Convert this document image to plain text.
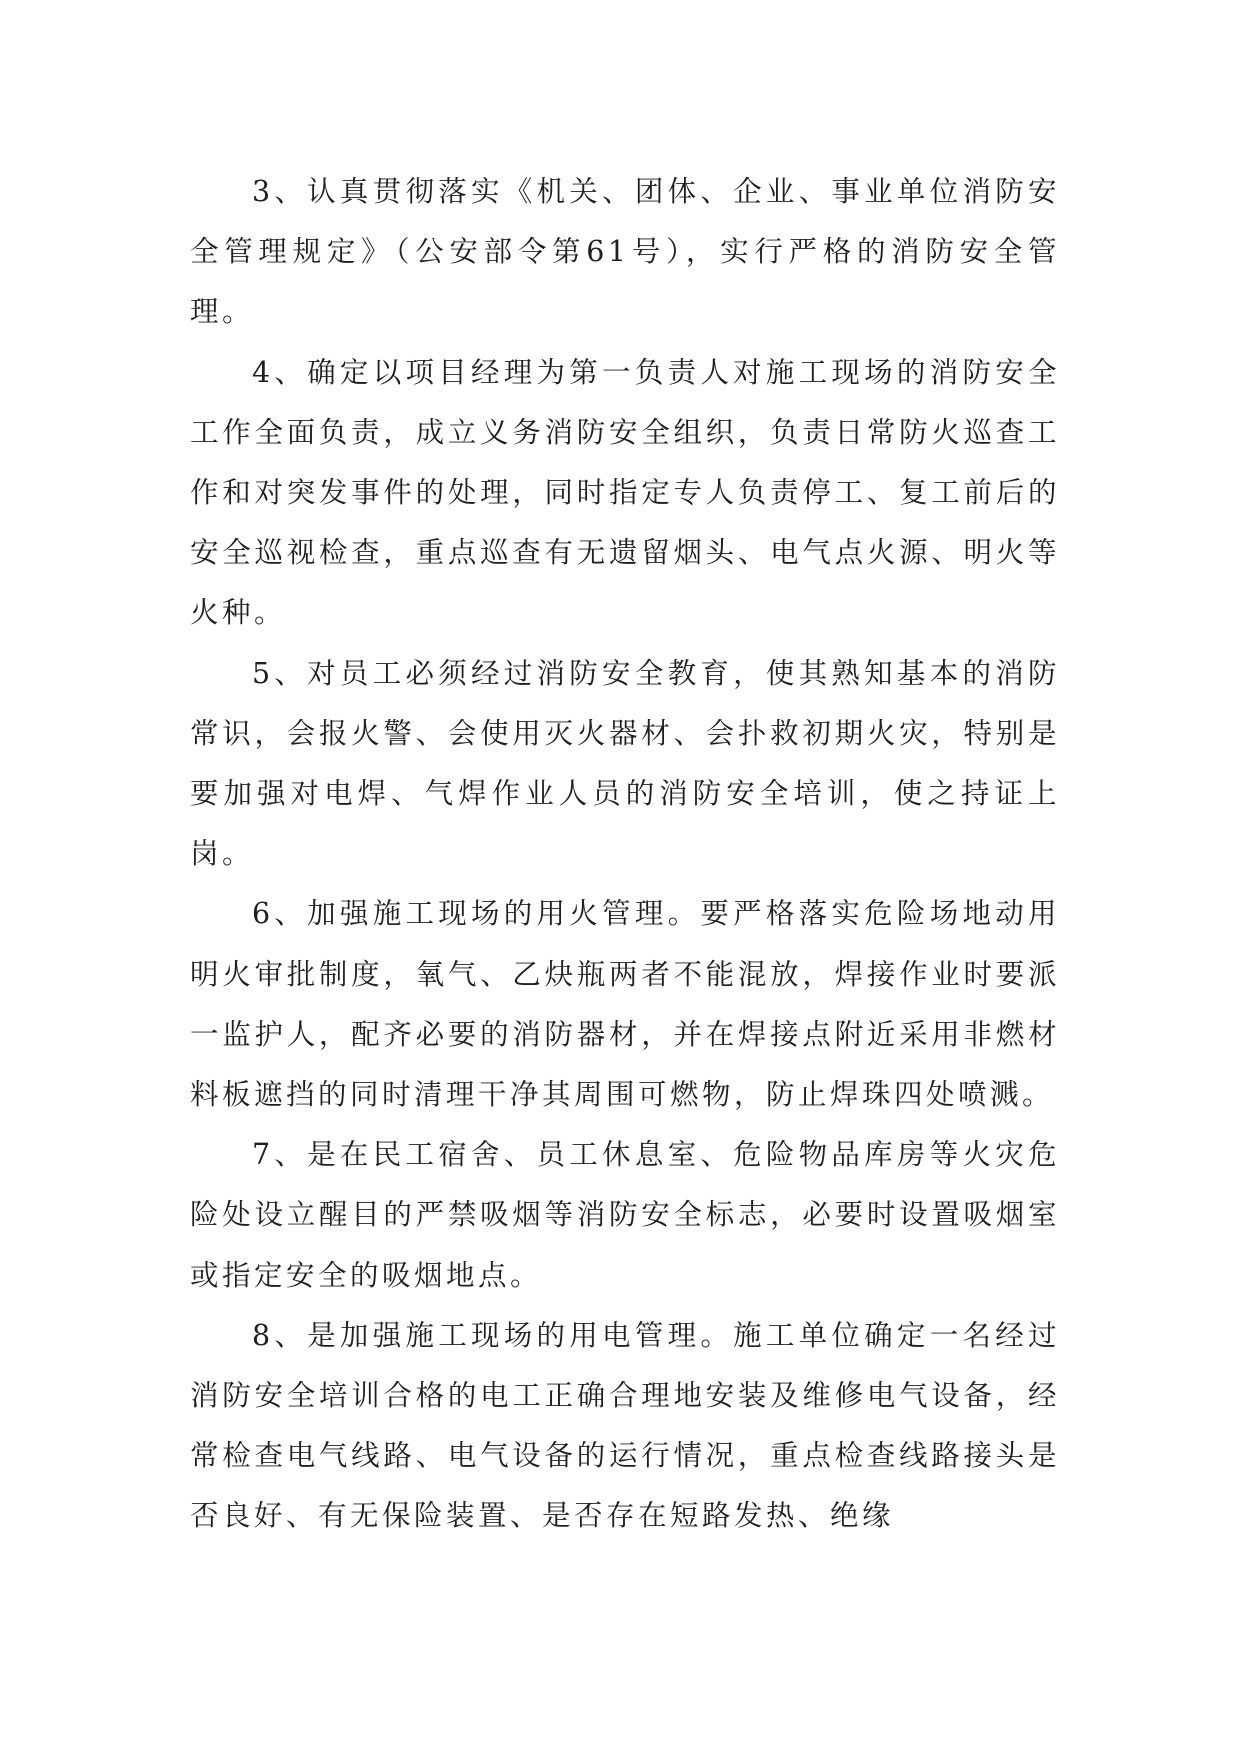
3、认真贯彻落实《机关、团体、企业、事业单位消防安全管理规定》（公安部令第61号），实行严格的消防安全管理。

4、确定以项目经理为第一负责人对施工现场的消防安全工作全面负责，成立义务消防安全组织，负责日常防火巡查工作和对突发事件的处理，同时指定专人负责停工、复工前后的安全巡视检查，重点巡查有无遗留烟头、电气点火源、明火等火种。

5、对员工必须经过消防安全教育，使其熟知基本的消防常识，会报火警、会使用灭火器材、会扑救初期火灾，特别是要加强对电焊、气焊作业人员的消防安全培训，使之持证上岗。

6、加强施工现场的用火管理。要严格落实危险场地动用明火审批制度，氧气、乙炔瓶两者不能混放，焊接作业时要派一监护人，配齐必要的消防器材，并在焊接点附近采用非燃材料板遮挡的同时清理干净其周围可燃物，防止焊珠四处喷溅。

7、是在民工宿舍、员工休息室、危险物品库房等火灾危险处设立醒目的严禁吸烟等消防安全标志，必要时设置吸烟室或指定安全的吸烟地点。

8、是加强施工现场的用电管理。施工单位确定一名经过消防安全培训合格的电工正确合理地安装及维修电气设备，经常检查电气线路、电气设备的运行情况，重点检查线路接头是否良好、有无保险装置、是否存在短路发热、绝缘
